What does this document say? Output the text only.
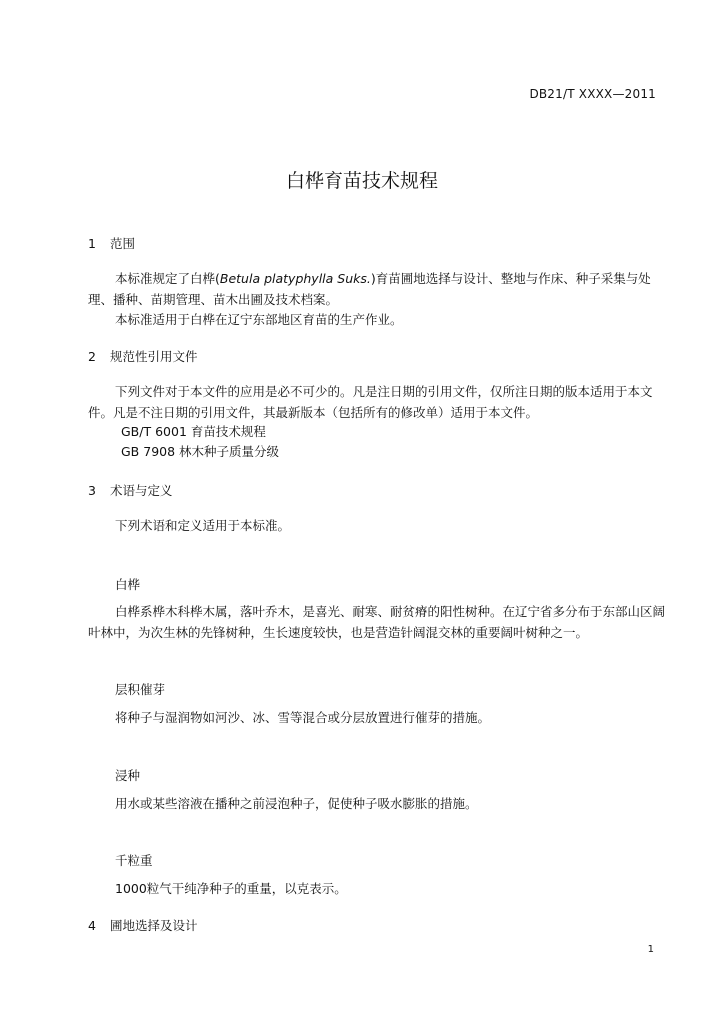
DB21/T XXXX—2011
白桦育苗技术规程
1 范围
本标准规定了白桦(Betula platyphylla Suks.)育苗圃地选择与设计、整地与作床、种子采集与处理、播种、苗期管理、苗木出圃及技术档案。
本标准适用于白桦在辽宁东部地区育苗的生产作业。
2 规范性引用文件
下列文件对于本文件的应用是必不可少的。凡是注日期的引用文件，仅所注日期的版本适用于本文件。凡是不注日期的引用文件，其最新版本（包括所有的修改单）适用于本文件。
GB/T 6001 育苗技术规程
GB 7908 林木种子质量分级
3 术语与定义
下列术语和定义适用于本标准。
白桦
白桦系桦木科桦木属，落叶乔木，是喜光、耐寒、耐贫瘠的阳性树种。在辽宁省多分布于东部山区阔叶林中，为次生林的先锋树种，生长速度较快，也是营造针阔混交林的重要阔叶树种之一。
层积催芽
将种子与湿润物如河沙、冰、雪等混合或分层放置进行催芽的措施。
浸种
用水或某些溶液在播种之前浸泡种子，促使种子吸水膨胀的措施。
千粒重
1000粒气干纯净种子的重量，以克表示。
4 圃地选择及设计
1
